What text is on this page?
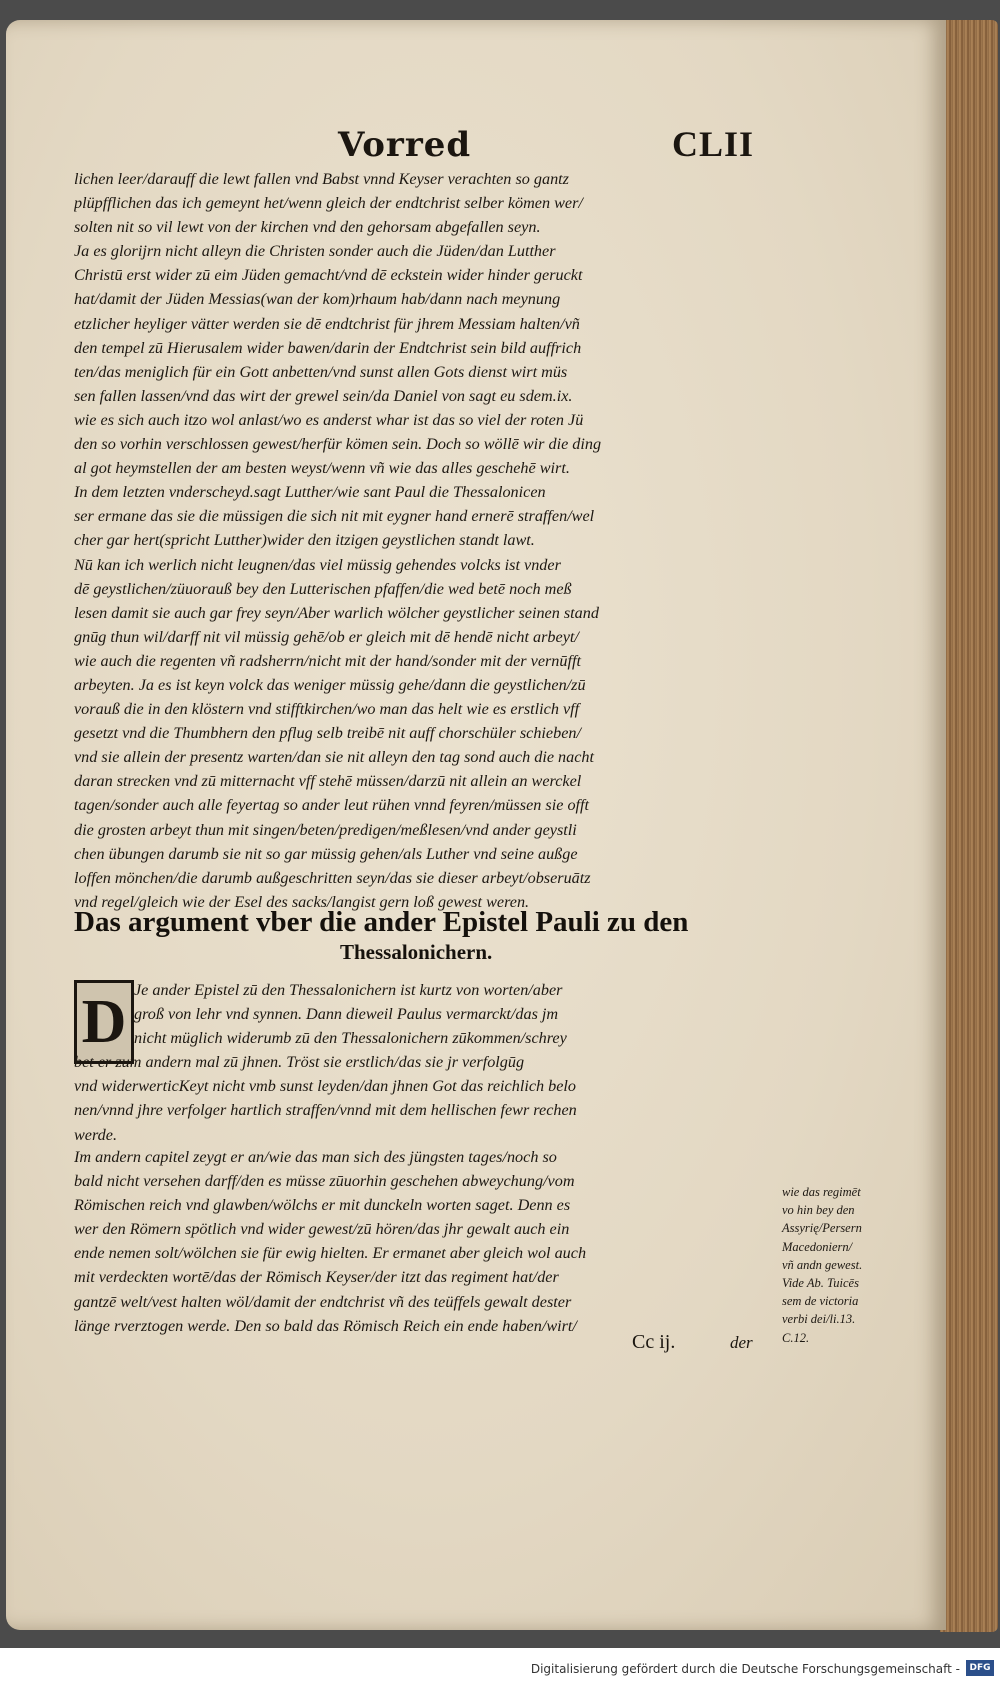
Vorred	CLII
lichen leer/darauff die lewt fallen vnd Babst vnnd Keyser verachten so gantz
plüpfflichen das ich gemeynt het/wenn gleich der endtchrist selber kömen wer/
solten nit so vil lewt von der kirchen vnd den gehorsam abgefallen seyn.
Ja es glorijrn nicht alleyn die Christen sonder auch die Jüden/dan Lutther
Christū erst wider zū eim Jüden gemacht/vnd dē eckstein wider hinder geruckt
hat/damit der Jüden Messias(wan der kom)rhaum hab/dann nach meynung
etzlicher heyliger vätter werden sie dē endtchrist für jhrem Messiam halten/vñ
den tempel zū Hierusalem wider bawen/darin der Endtchrist sein bild auffrich
ten/das meniglich für ein Gott anbetten/vnd sunst allen Gots dienst wirt müs
sen fallen lassen/vnd das wirt der grewel sein/da Daniel von sagt eu sdem.ix.
wie es sich auch itzo wol anlast/wo es anderst whar ist das so viel der roten Jü
den so vorhin verschlossen gewest/herfür kömen sein. Doch so wöllē wir die ding
al got heymstellen der am besten weyst/wenn vñ wie das alles geschehē wirt.
In dem letzten vnderscheyd.sagt Lutther/wie sant Paul die Thessalonicen
ser ermane das sie die müssigen die sich nit mit eygner hand ernerē straffen/wel
cher gar hert(spricht Lutther)wider den itzigen geystlichen standt lawt.
Nū kan ich werlich nicht leugnen/das viel müssig gehendes volcks ist vnder
dē geystlichen/züuorauß bey den Lutterischen pfaffen/die wed betē noch meß
lesen damit sie auch gar frey seyn/Aber warlich wölcher geystlicher seinen stand
gnūg thun wil/darff nit vil müssig gehē/ob er gleich mit dē hendē nicht arbeyt/
wie auch die regenten vñ radsherrn/nicht mit der hand/sonder mit der vernūfft
arbeyten. Ja es ist keyn volck das weniger müssig gehe/dann die geystlichen/zū
vorauß die in den klöstern vnd stifftkirchen/wo man das helt wie es erstlich vff
gesetzt vnd die Thumbhern den pflug selb treibē nit auff chorschüler schieben/
vnd sie allein der presentz warten/dan sie nit alleyn den tag sond auch die nacht
daran strecken vnd zū mitternacht vff stehē müssen/darzū nit allein an werckel
tagen/sonder auch alle feyertag so ander leut rühen vnnd feyren/müssen sie offt
die grosten arbeyt thun mit singen/beten/predigen/meßlesen/vnd ander geystli
chen übungen darumb sie nit so gar müssig gehen/als Luther vnd seine außge
loffen mönchen/die darumb außgeschritten seyn/das sie dieser arbeyt/obseruātz
vnd regel/gleich wie der Esel des sacks/langist gern loß gewest weren.
Das argument vber die ander Epistel Pauli zu den
Thessalonichern.
D Je ander Epistel zū den Thessalonichern ist kurtz von worten/aber
groß von lehr vnd synnen. Dann dieweil Paulus vermarckt/das jm
nicht müglich widerumb zū den Thessalonichern zūkommen/schrey
bet er zum andern mal zū jhnen. Tröst sie erstlich/das sie jr verfolgūg
vnd widerwerticKeyt nicht vmb sunst leyden/dan jhnen Got das reichlich belo
nen/vnnd jhre verfolger hartlich straffen/vnnd mit dem hellischen fewr rechen
werde.
Im andern capitel zeygt er an/wie das man sich des jüngsten tages/noch so
bald nicht versehen darff/den es müsse zūuorhin geschehen abweychung/vom
Römischen reich vnd glawben/wölchs er mit dunckeln worten saget. Denn es
wer den Römern spötlich vnd wider gewest/zū hören/das jhr gewalt auch ein
ende nemen solt/wölchen sie für ewig hielten. Er ermanet aber gleich wol auch
mit verdeckten wortē/das der Römisch Keyser/der itzt das regiment hat/der
gantzē welt/vest halten wöl/damit der endtchrist vñ des teüffels gewalt dester
länge rverztogen werde. Den so bald das Römisch Reich ein ende haben/wirt/
wie das regimēt
vo hin bey den
Assyrię/Persern
Macedoniern/
vñ andn gewest.
Vide Ab. Tuicēs
sem de victoria
verbi dei/li.13.
C.12.
Cc ij.	der
Digitalisierung gefördert durch die Deutsche Forschungsgemeinschaft -	DFG
